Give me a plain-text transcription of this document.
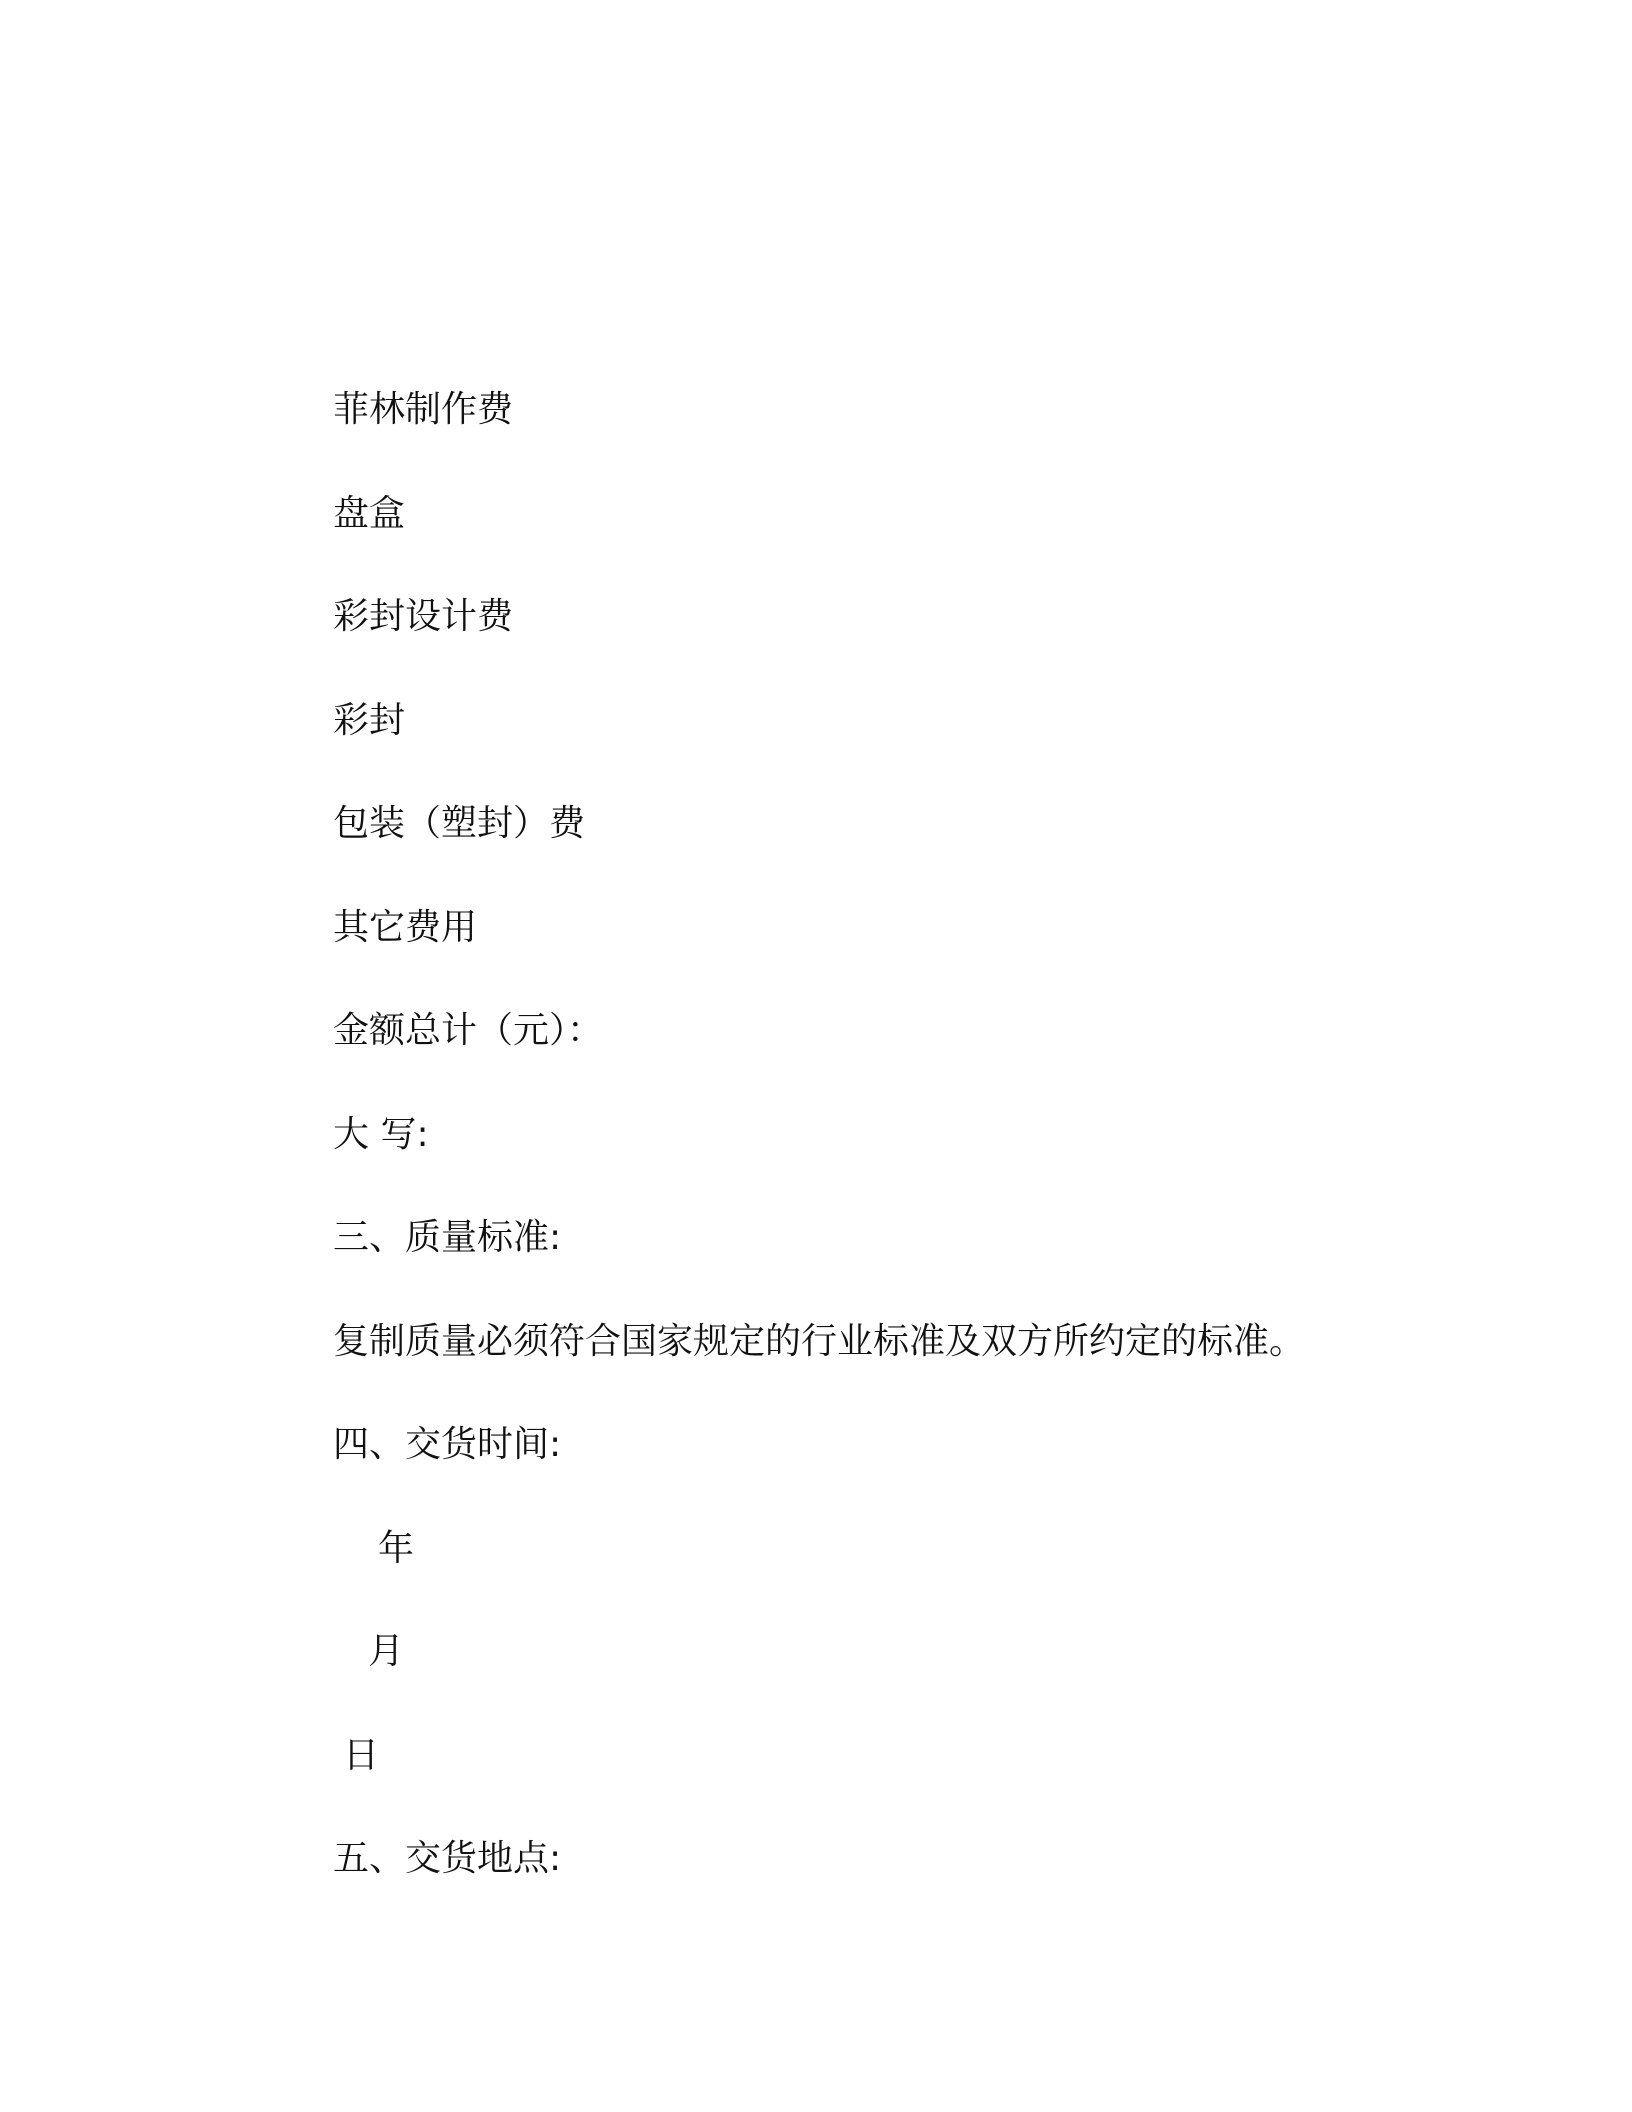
菲林制作费
盘盒
彩封设计费
彩封
包装（塑封）费
其它费用
金额总计（元）：
大 写:
三、质量标准:
复制质量必须符合国家规定的行业标准及双方所约定的标准。
四、交货时间:
年
月
日
五、交货地点:
